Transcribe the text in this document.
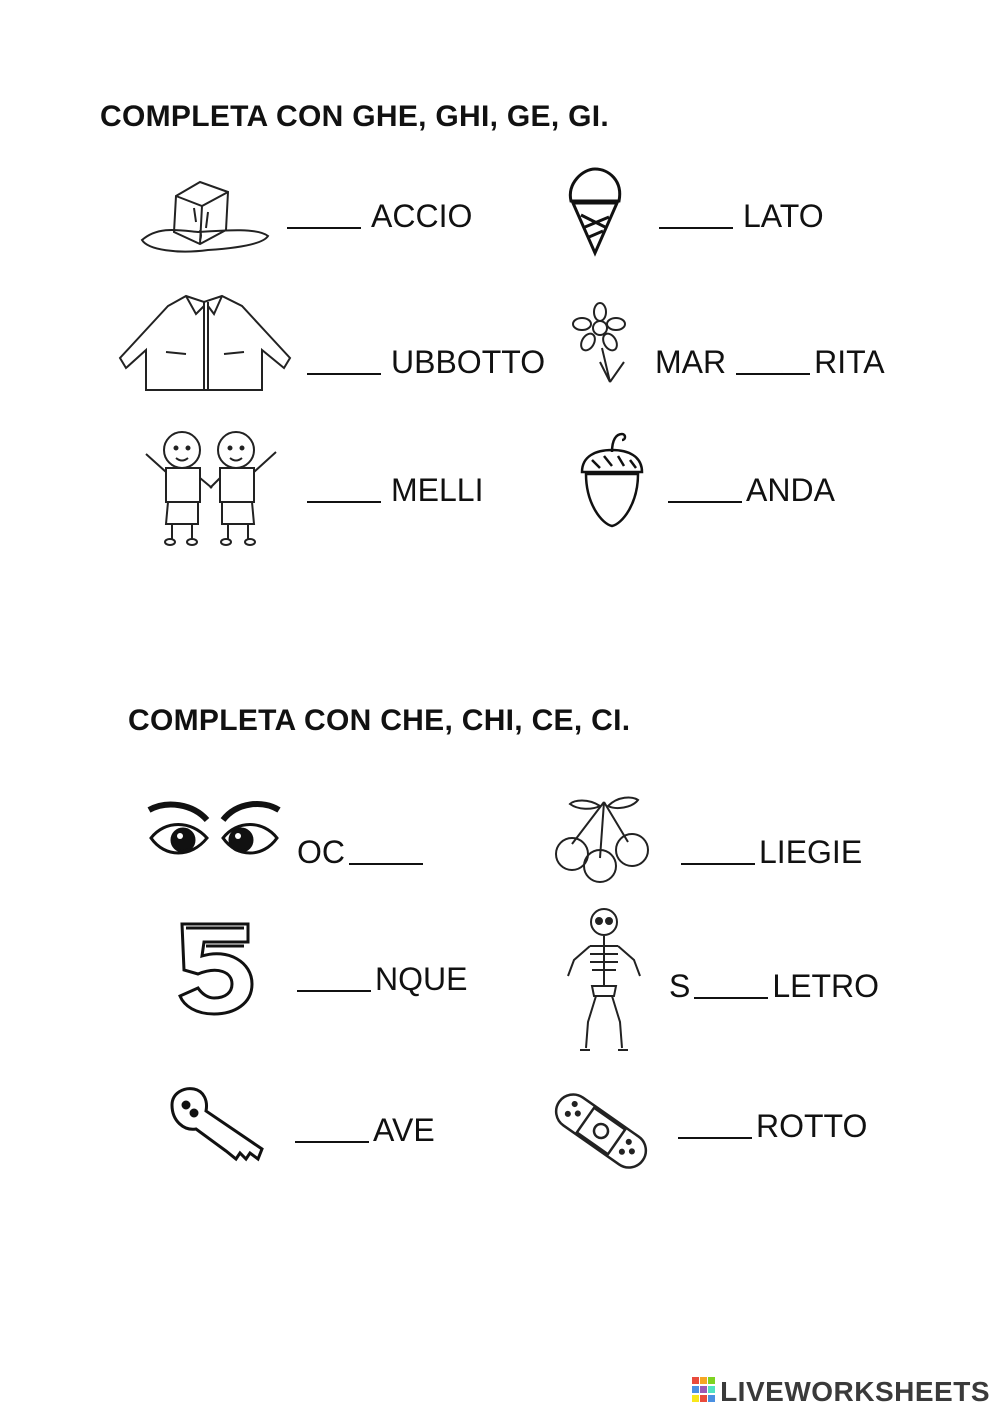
COMPLETA CON GHE, GHI, GE, GI.
COMPLETA CON CHE, CHI, CE, CI.
ACCIO	LATO
UBBOTTO	MAR	RITA
MELLI	ANDA
OC	LIEGIE
NQUE	S	LETRO
AVE	ROTTO
LIVEWORKSHEETS
